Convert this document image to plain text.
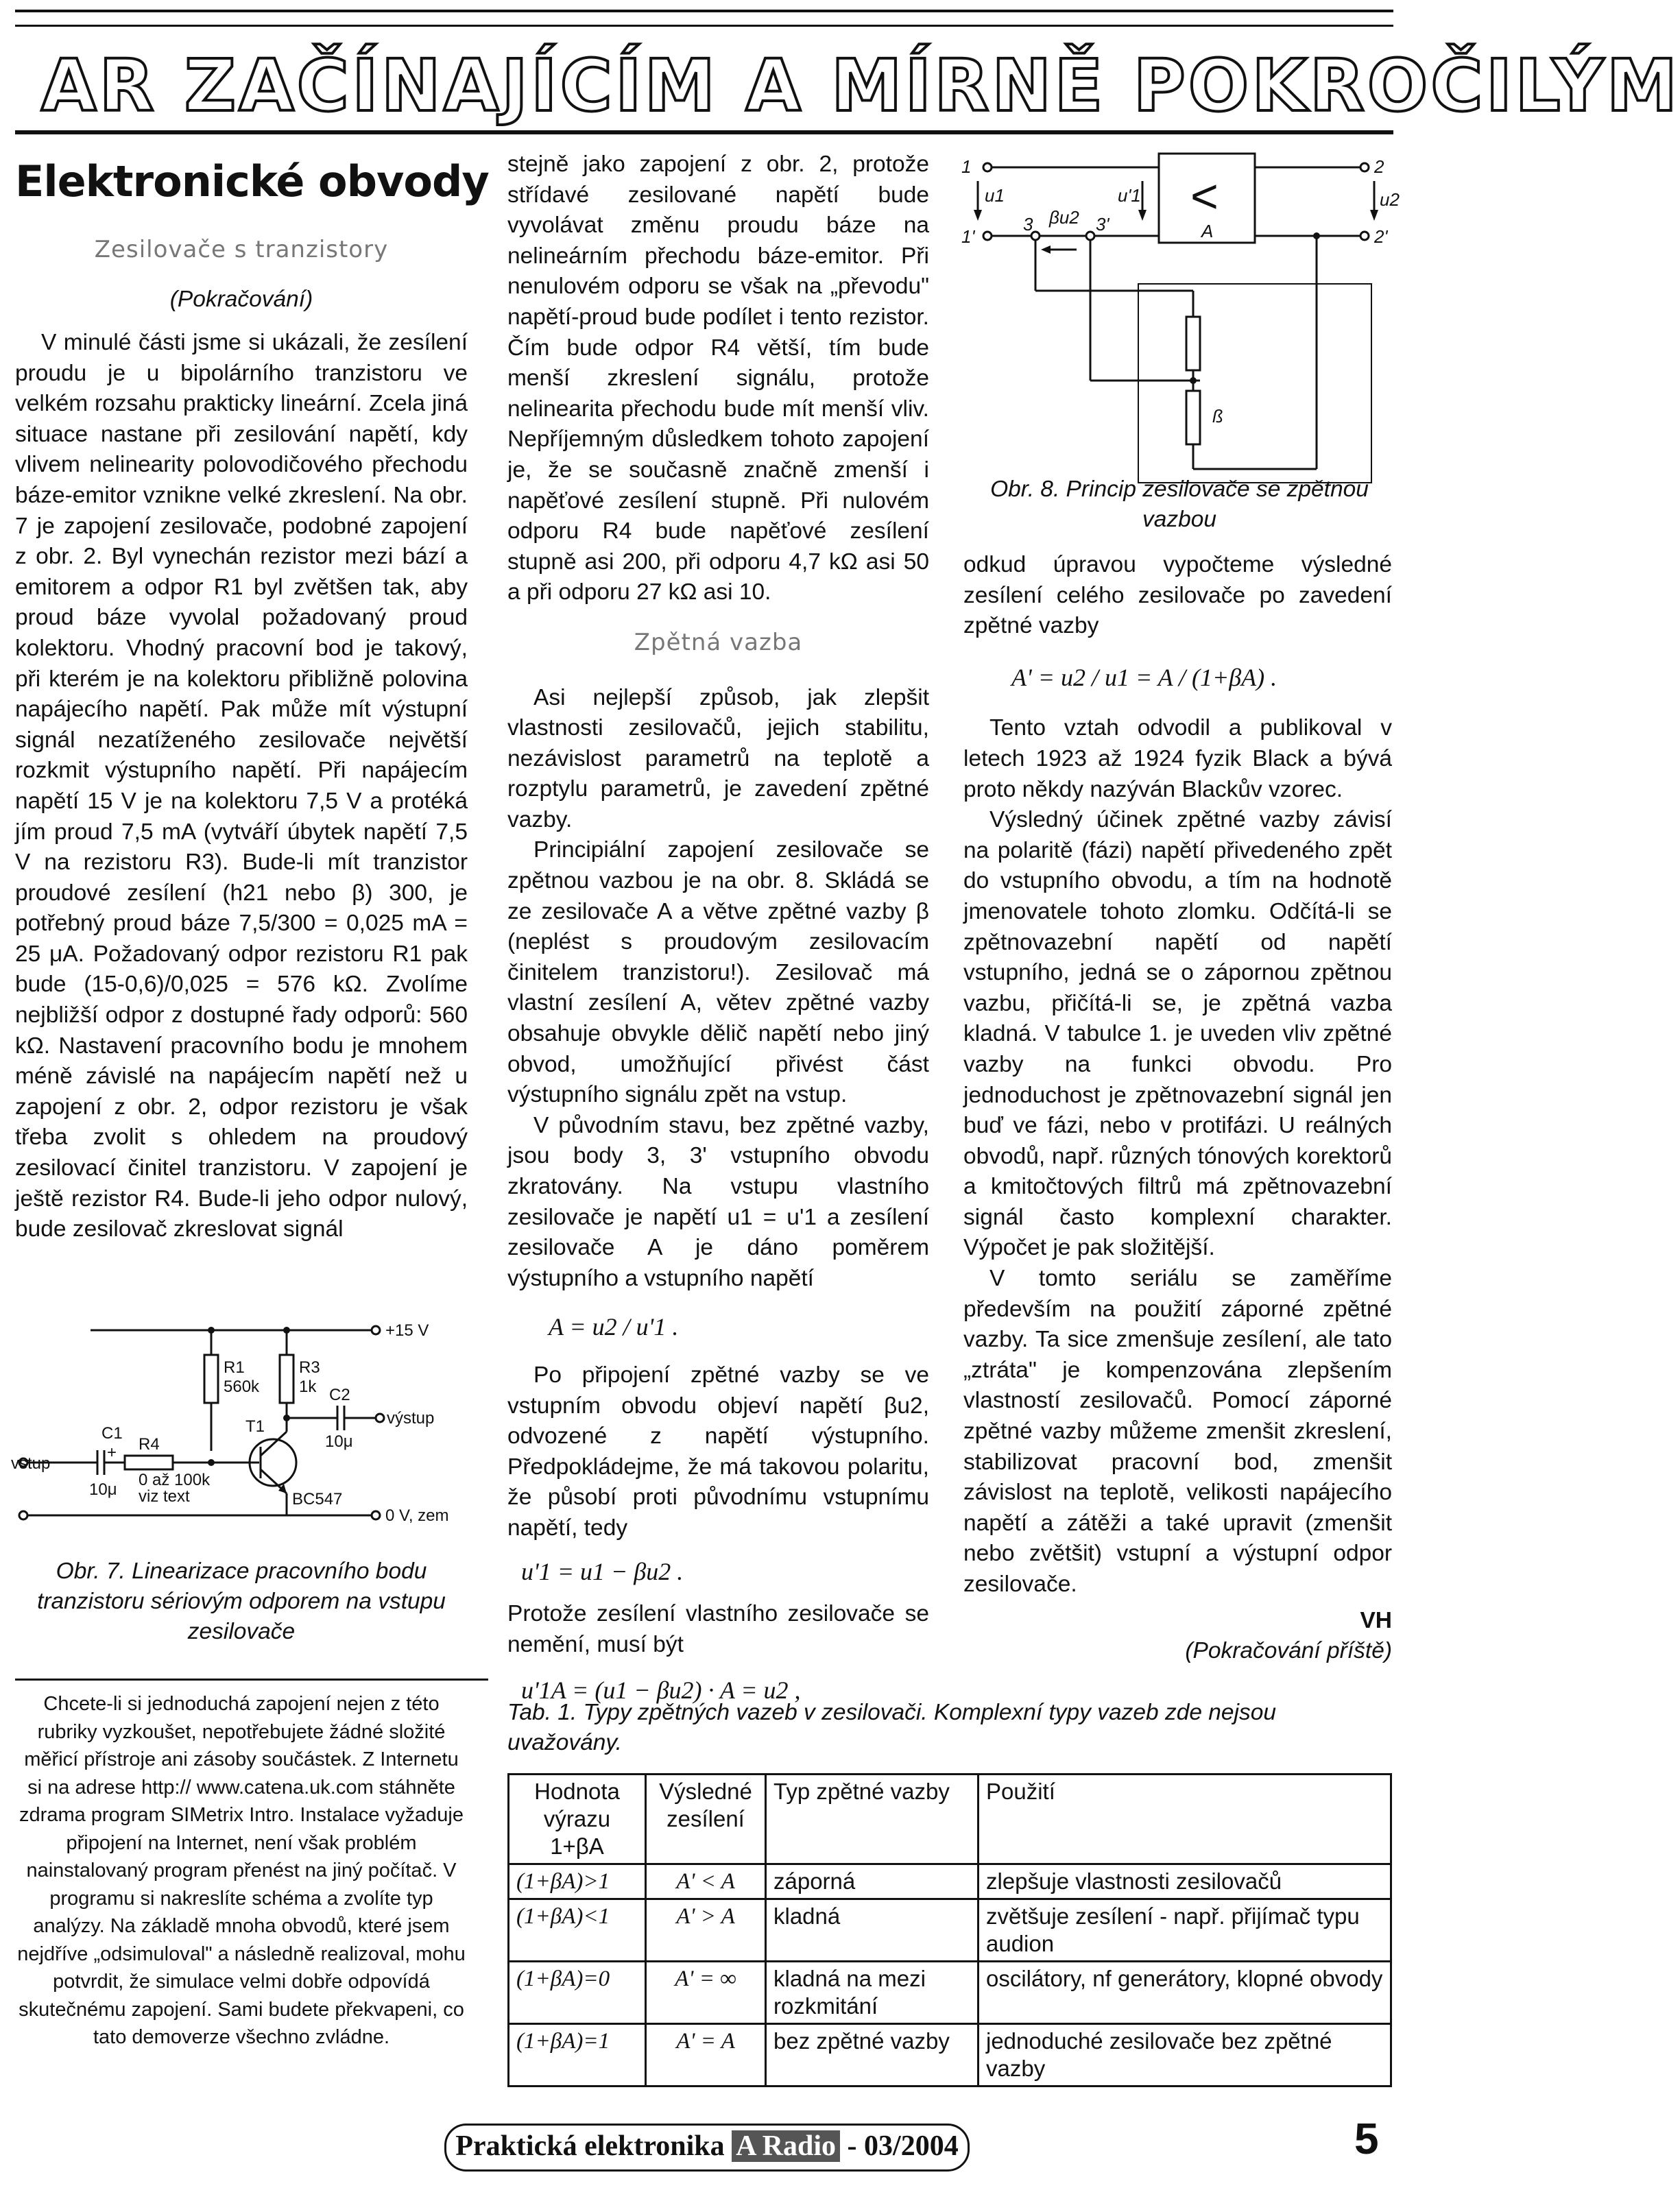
AR ZAČÍNAJÍCÍM A MÍRNĚ POKROČILÝM
Elektronické obvody
Zesilovače s tranzistory
(Pokračování)

V minulé části jsme si ukázali, že zesílení proudu je u bipolárního tranzistoru ve velkém rozsahu prakticky lineární. Zcela jiná situace nastane při zesilování napětí, kdy vlivem nelinearity polovodičového přechodu báze-emitor vznikne velké zkreslení. Na obr. 7 je zapojení zesilovače, podobné zapojení z obr. 2. Byl vynechán rezistor mezi bází a emitorem a odpor R1 byl zvětšen tak, aby proud báze vyvolal požadovaný proud kolektoru. Vhodný pracovní bod je takový, při kterém je na kolektoru přibližně polovina napájecího napětí. Pak může mít výstupní signál nezatíženého zesilovače největší rozkmit výstupního napětí. Při napájecím napětí 15 V je na kolektoru 7,5 V a protéká jím proud 7,5 mA (vytváří úbytek napětí 7,5 V na rezistoru R3). Bude-li mít tranzistor proudové zesílení (h21 nebo β) 300, je potřebný proud báze 7,5/300 = 0,025 mA = 25 μA. Požadovaný odpor rezistoru R1 pak bude (15-0,6)/0,025 = 576 kΩ. Zvolíme nejbližší odpor z dostupné řady odporů: 560 kΩ. Nastavení pracovního bodu je mnohem méně závislé na napájecím napětí než u zapojení z obr. 2, odpor rezistoru je však třeba zvolit s ohledem na proudový zesilovací činitel tranzistoru. V zapojení je ještě rezistor R4. Bude-li jeho odpor nulový, bude zesilovač zkreslovat signál

+15 V
R1
560k
R3
1k C2
10μ
výstup
C1
+
10μ
vstup
R4
0 až 100k
viz text
T1
BC547
0 V, zem
Obr. 7. Linearizace pracovního bodu tranzistoru sériovým odporem na vstupu zesilovače
Chcete-li si jednoduchá zapojení nejen z této rubriky vyzkoušet, nepotřebujete žádné složité měřicí přístroje ani zásoby součástek. Z Internetu si na adrese http:// www.catena.uk.com stáhněte zdrama program SIMetrix Intro. Instalace vyžaduje připojení na Internet, není však problém nainstalovaný program přenést na jiný počítač. V programu si nakreslíte schéma a zvolíte typ analýzy. Na základě mnoha obvodů, které jsem nejdříve „odsimuloval" a následně realizoval, mohu potvrdit, že simulace velmi dobře odpovídá skutečnému zapojení. Sami budete překvapeni, co tato demoverze všechno zvládne.

stejně jako zapojení z obr. 2, protože střídavé zesilované napětí bude vyvolávat změnu proudu báze na nelineárním přechodu báze-emitor. Při nenulovém odporu se však na „převodu" napětí-proud bude podílet i tento rezistor. Čím bude odpor R4 větší, tím bude menší zkreslení signálu, protože nelinearita přechodu bude mít menší vliv. Nepříjemným důsledkem tohoto zapojení je, že se současně značně zmenší i napěťové zesílení stupně. Při nulovém odporu R4 bude napěťové zesílení stupně asi 200, při odporu 4,7 kΩ asi 50 a při odporu 27 kΩ asi 10.

Zpětná vazba

Asi nejlepší způsob, jak zlepšit vlastnosti zesilovačů, jejich stabilitu, nezávislost parametrů na teplotě a rozptylu parametrů, je zavedení zpětné vazby.

Principiální zapojení zesilovače se zpětnou vazbou je na obr. 8. Skládá se ze zesilovače A a větve zpětné vazby β (neplést s proudovým zesilovacím činitelem tranzistoru!). Zesilovač má vlastní zesílení A, větev zpětné vazby obsahuje obvykle dělič napětí nebo jiný obvod, umožňující přivést část výstupního signálu zpět na vstup.

V původním stavu, bez zpětné vazby, jsou body 3, 3' vstupního obvodu zkratovány. Na vstupu vlastního zesilovače je napětí u1 = u'1 a zesílení zesilovače A je dáno poměrem výstupního a vstupního napětí

A = u2 / u'1 .

Po připojení zpětné vazby se ve vstupním obvodu objeví napětí βu2, odvozené z napětí výstupního. Předpokládejme, že má takovou polaritu, že působí proti původnímu vstupnímu napětí, tedy

u'1 = u1 − βu2 .

Protože zesílení vlastního zesilovače se nemění, musí být

u'1A = (u1 − βu2) · A = u2 ,
1
1'
2
2'
3	3'
u1	u'1	u2
βu2
A
ß
<
Obr. 8. Princip zesilovače se zpětnou vazbou

odkud úpravou vypočteme výsledné zesílení celého zesilovače po zavedení zpětné vazby

A' = u2 / u1 = A / (1+βA) .

Tento vztah odvodil a publikoval v letech 1923 až 1924 fyzik Black a bývá proto někdy nazýván Blackův vzorec.

Výsledný účinek zpětné vazby závisí na polaritě (fázi) napětí přivedeného zpět do vstupního obvodu, a tím na hodnotě jmenovatele tohoto zlomku. Odčítá-li se zpětnovazební napětí od napětí vstupního, jedná se o zápornou zpětnou vazbu, přičítá-li se, je zpětná vazba kladná. V tabulce 1. je uveden vliv zpětné vazby na funkci obvodu. Pro jednoduchost je zpětnovazební signál jen buď ve fázi, nebo v protifázi. U reálných obvodů, např. různých tónových korektorů a kmitočtových filtrů má zpětnovazební signál často komplexní charakter. Výpočet je pak složitější.

V tomto seriálu se zaměříme především na použití záporné zpětné vazby. Ta sice zmenšuje zesílení, ale tato „ztráta" je kompenzována zlepšením vlastností zesilovačů. Pomocí záporné zpětné vazby můžeme zmenšit zkreslení, stabilizovat pracovní bod, zmenšit závislost na teplotě, velikosti napájecího napětí a zátěži a také upravit (zmenšit nebo zvětšit) vstupní a výstupní odpor zesilovače.

VH
(Pokračování příště)
Tab. 1. Typy zpětných vazeb v zesilovači. Komplexní typy vazeb zde nejsou uvažovány.
Hodnota výrazu 1+βA	Výsledné zesílení	Typ zpětné vazby	Použití
(1+βA)>1	A' < A	záporná	zlepšuje vlastnosti zesilovačů
(1+βA)<1	A' > A	kladná	zvětšuje zesílení - např. přijímač typu audion
(1+βA)=0	A' = ∞	kladná na mezi rozkmitání	oscilátory, nf generátory, klopné obvody
(1+βA)=1	A' = A	bez zpětné vazby	jednoduché zesilovače bez zpětné vazby
Praktická elektronika A Radio - 03/2004	5
